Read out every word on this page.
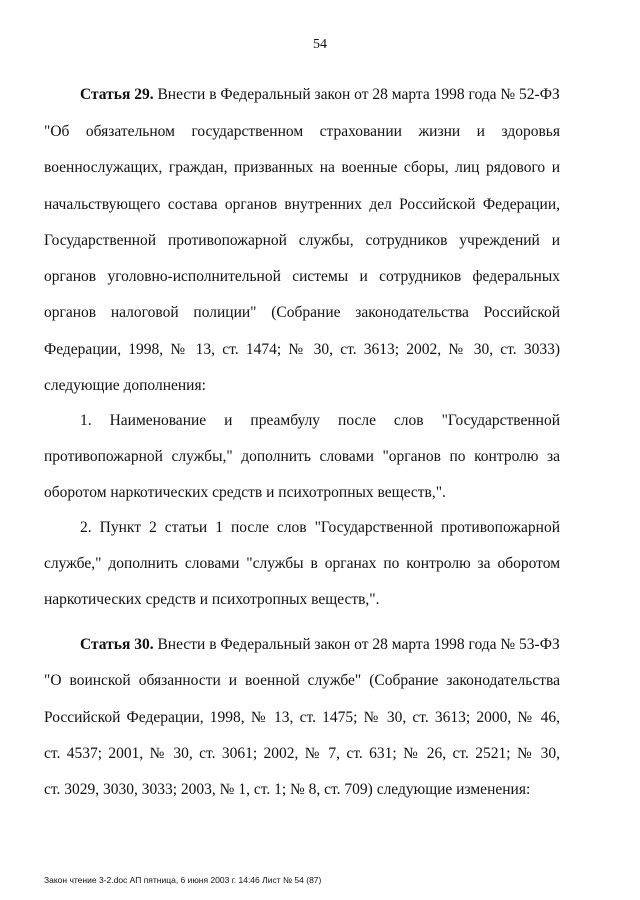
54
Статья 29. Внести в Федеральный закон от 28 марта 1998 года № 52-ФЗ
"Об обязательном государственном страховании жизни и здоровья
военнослужащих, граждан, призванных на военные сборы, лиц рядового и
начальствующего состава органов внутренних дел Российской Федерации,
Государственной противопожарной службы, сотрудников учреждений и
органов уголовно-исполнительной системы и сотрудников федеральных
органов налоговой полиции" (Собрание законодательства Российской
Федерации, 1998, № 13, ст. 1474; № 30, ст. 3613; 2002, № 30, ст. 3033)
следующие дополнения:
1. Наименование и преамбулу после слов "Государственной
противопожарной службы," дополнить словами "органов по контролю за
оборотом наркотических средств и психотропных веществ,".
2. Пункт 2 статьи 1 после слов "Государственной противопожарной
службе," дополнить словами "службы в органах по контролю за оборотом
наркотических средств и психотропных веществ,".
Статья 30. Внести в Федеральный закон от 28 марта 1998 года № 53-ФЗ
"О воинской обязанности и военной службе" (Собрание законодательства
Российской Федерации, 1998, № 13, ст. 1475; № 30, ст. 3613; 2000, № 46,
ст. 4537; 2001, № 30, ст. 3061; 2002, № 7, ст. 631; № 26, ст. 2521; № 30,
ст. 3029, 3030, 3033; 2003, № 1, ст. 1; № 8, ст. 709) следующие изменения:
Закон чтение 3-2.doc АП пятница, 6 июня 2003 г. 14:46 Лист № 54 (87)
